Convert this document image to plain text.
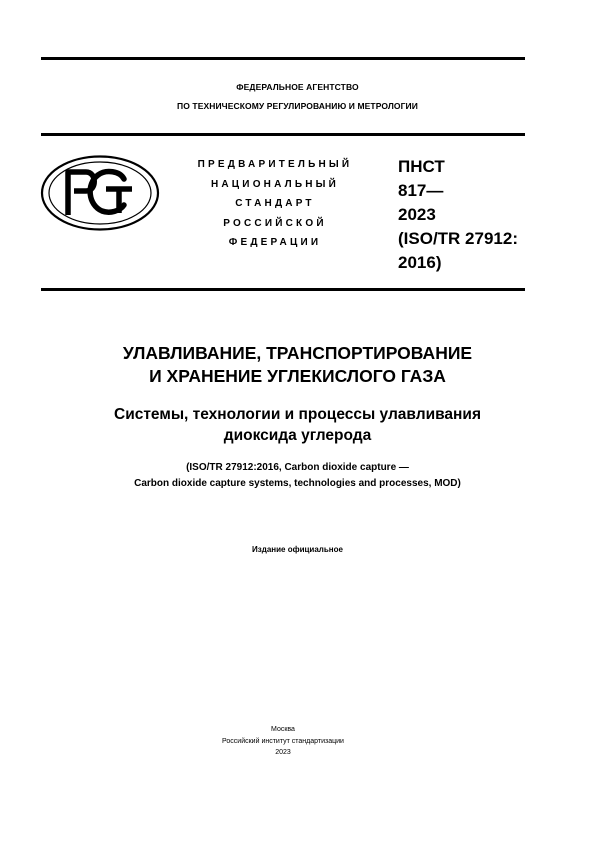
ФЕДЕРАЛЬНОЕ АГЕНТСТВО
ПО ТЕХНИЧЕСКОМУ РЕГУЛИРОВАНИЮ И МЕТРОЛОГИИ
ПРЕДВАРИТЕЛЬНЫЙ
НАЦИОНАЛЬНЫЙ
СТАНДАРТ
РОССИЙСКОЙ
ФЕДЕРАЦИИ
ПНСТ
817—
2023
(ISO/TR 27912:
2016)
УЛАВЛИВАНИЕ, ТРАНСПОРТИРОВАНИЕ
И ХРАНЕНИЕ УГЛЕКИСЛОГО ГАЗА
Системы, технологии и процессы улавливания
диоксида углерода
(ISO/TR 27912:2016, Carbon dioxide capture —
Carbon dioxide capture systems, technologies and processes, MOD)
Издание официальное
Москва
Российский институт стандартизации
2023
